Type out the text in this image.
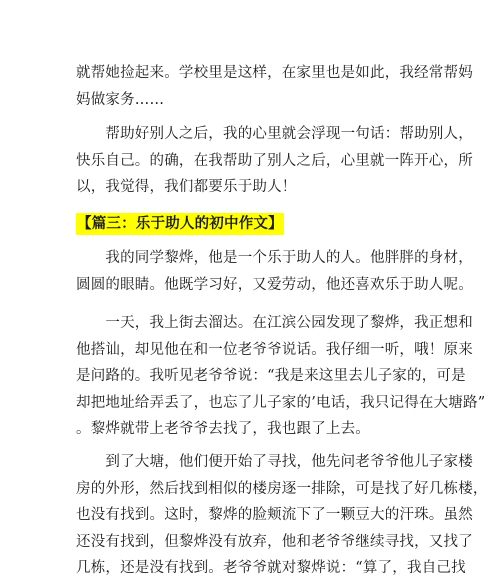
就帮她捡起来。学校里是这样，在家里也是如此，我经常帮妈
妈做家务……

　　帮助好别人之后，我的心里就会浮现一句话：帮助别人，
快乐自己。的确，在我帮助了别人之后，心里就一阵开心，所
以，我觉得，我们都要乐于助人！

【篇三：乐于助人的初中作文】

　　我的同学黎烨，他是一个乐于助人的人。他胖胖的身材，
圆圆的眼睛。他既学习好，又爱劳动，他还喜欢乐于助人呢。

　　一天，我上街去溜达。在江滨公园发现了黎烨，我正想和
他搭讪，却见他在和一位老爷爷说话。我仔细一听，哦！原来
是问路的。我听见老爷爷说：“我是来这里去儿子家的，可是
却把地址给弄丢了，也忘了儿子家的’电话，我只记得在大塘路”
。黎烨就带上老爷爷去找了，我也跟了上去。

　　到了大塘，他们便开始了寻找，他先问老爷爷他儿子家楼
房的外形，然后找到相似的楼房逐一排除，可是找了好几栋楼，
也没有找到。这时，黎烨的脸颊流下了一颗豆大的汗珠。虽然
还没有找到，但黎烨没有放弃，他和老爷爷继续寻找，又找了
几栋，还是没有找到。老爷爷就对黎烨说：“算了，我自己找
